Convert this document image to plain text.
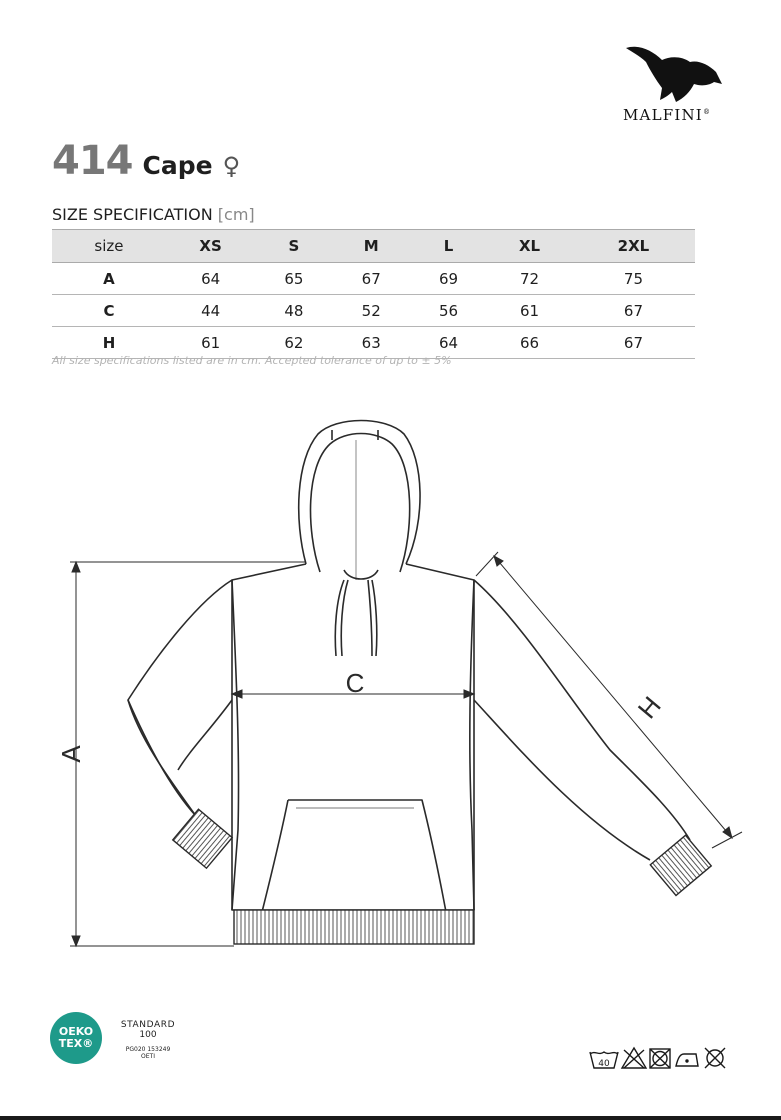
MALFINI®
414 Cape ♀
SIZE SPECIFICATION [cm]
size	XS	S	M	L	XL	2XL
A	64	65	67	69	72	75
C	44	48	52	56	61	67
H	61	62	63	64	66	67
All size specifications listed are in cm. Accepted tolerance of up to ± 5%
A
C
H
OEKO
TEX®
STANDARD
100
PG020 153249
OETI
40
